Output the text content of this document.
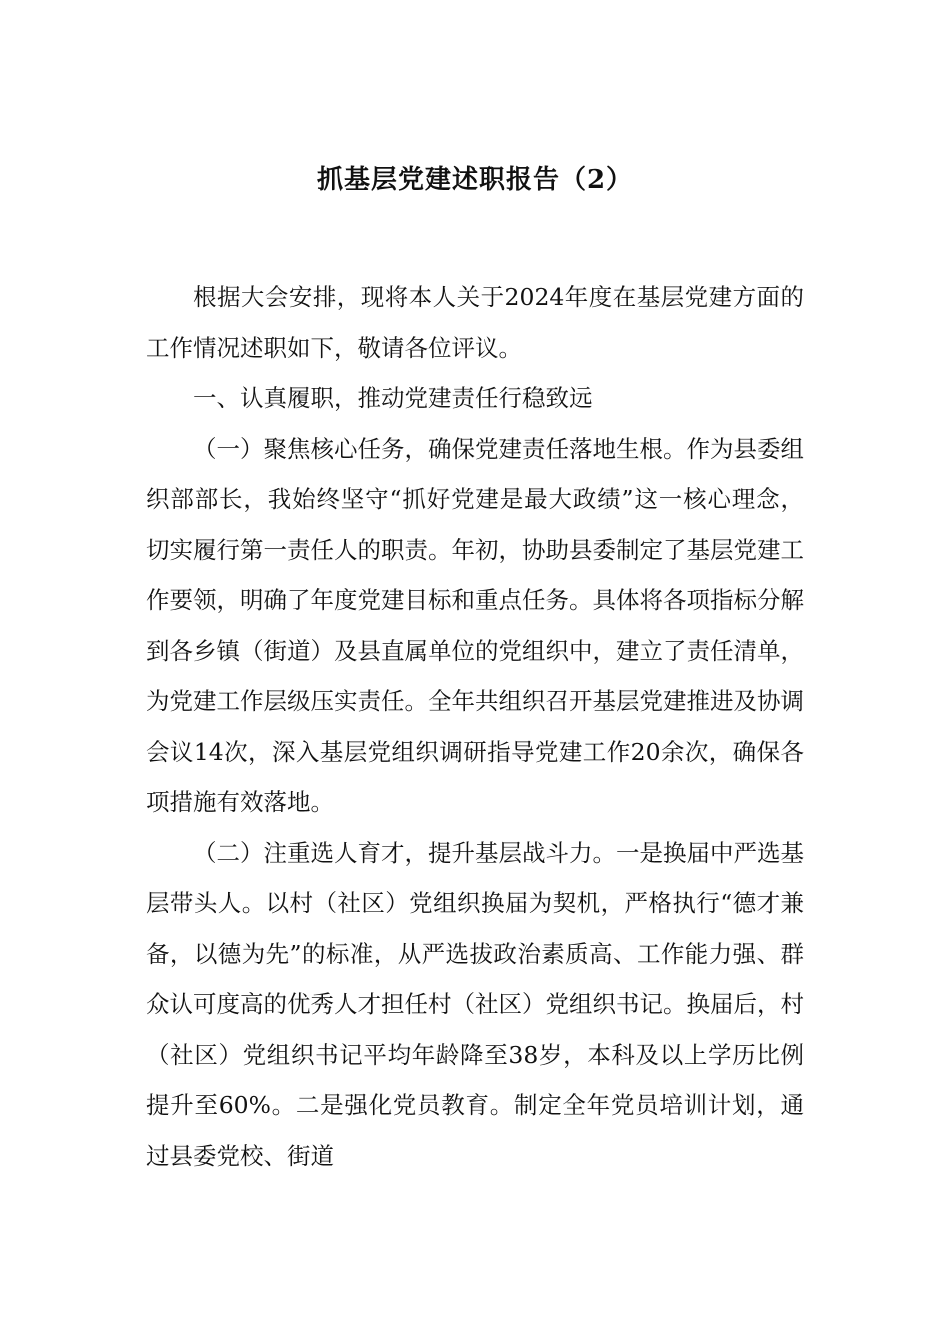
抓基层党建述职报告（2）

根据大会安排，现将本人关于2024年度在基层党建方面的工作情况述职如下，敬请各位评议。

一、认真履职，推动党建责任行稳致远

（一）聚焦核心任务，确保党建责任落地生根。作为县委组织部部长，我始终坚守“抓好党建是最大政绩”这一核心理念，切实履行第一责任人的职责。年初，协助县委制定了基层党建工作要领，明确了年度党建目标和重点任务。具体将各项指标分解到各乡镇（街道）及县直属单位的党组织中，建立了责任清单，为党建工作层级压实责任。全年共组织召开基层党建推进及协调会议14次，深入基层党组织调研指导党建工作20余次，确保各项措施有效落地。

（二）注重选人育才，提升基层战斗力。一是换届中严选基层带头人。以村（社区）党组织换届为契机，严格执行“德才兼备，以德为先”的标准，从严选拔政治素质高、工作能力强、群众认可度高的优秀人才担任村（社区）党组织书记。换届后，村（社区）党组织书记平均年龄降至38岁，本科及以上学历比例提升至60%。二是强化党员教育。制定全年党员培训计划，通过县委党校、街道
